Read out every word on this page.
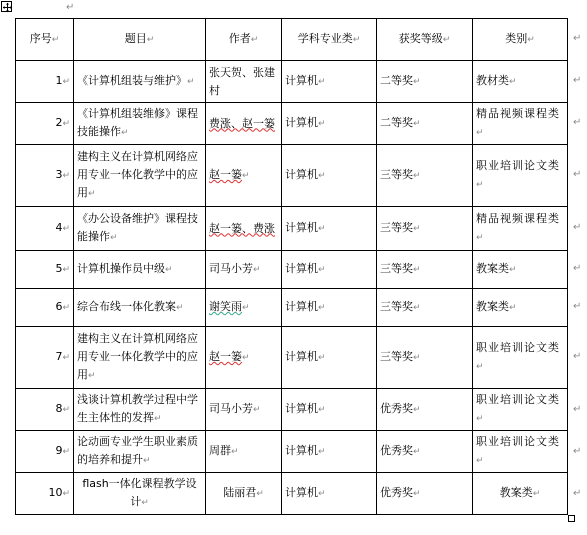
↵
序号↵	题目↵	作者↵	学科专业类↵	获奖等级↵	类别↵
1↵	《计算机组装与维护》↵	张天贺、张建村	计算机↵	二等奖↵	教材类↵
2↵	《计算机组装维修》课程技能操作↵	费涨、赵一篓	计算机↵	二等奖↵	精品视频课程类↵
3↵	建构主义在计算机网络应用专业一体化教学中的应用↵	赵一篓↵	计算机↵	三等奖↵	职业培训论文类↵
4↵	《办公设备维护》课程技能操作↵	赵一篓、费涨	计算机↵	三等奖↵	精品视频课程类↵
5↵	计算机操作员中级↵	司马小芳↵	计算机↵	三等奖↵	教案类↵
6↵	综合布线一体化教案↵	谢笑雨↵	计算机↵	三等奖↵	教案类↵
7↵	建构主义在计算机网络应用专业一体化教学中的应用↵	赵一篓↵	计算机↵	三等奖↵	职业培训论文类↵
8↵	浅谈计算机教学过程中学生主体性的发挥↵	司马小芳↵	计算机↵	优秀奖↵	职业培训论文类↵
9↵	论动画专业学生职业素质的培养和提升↵	周群↵	计算机↵	优秀奖↵	职业培训论文类↵
10↵	flash一体化课程教学设计↵	陆丽君↵	计算机↵	优秀奖↵	教案类↵
↵
↵
↵
↵
↵
↵
↵
↵
↵
↵
↵
